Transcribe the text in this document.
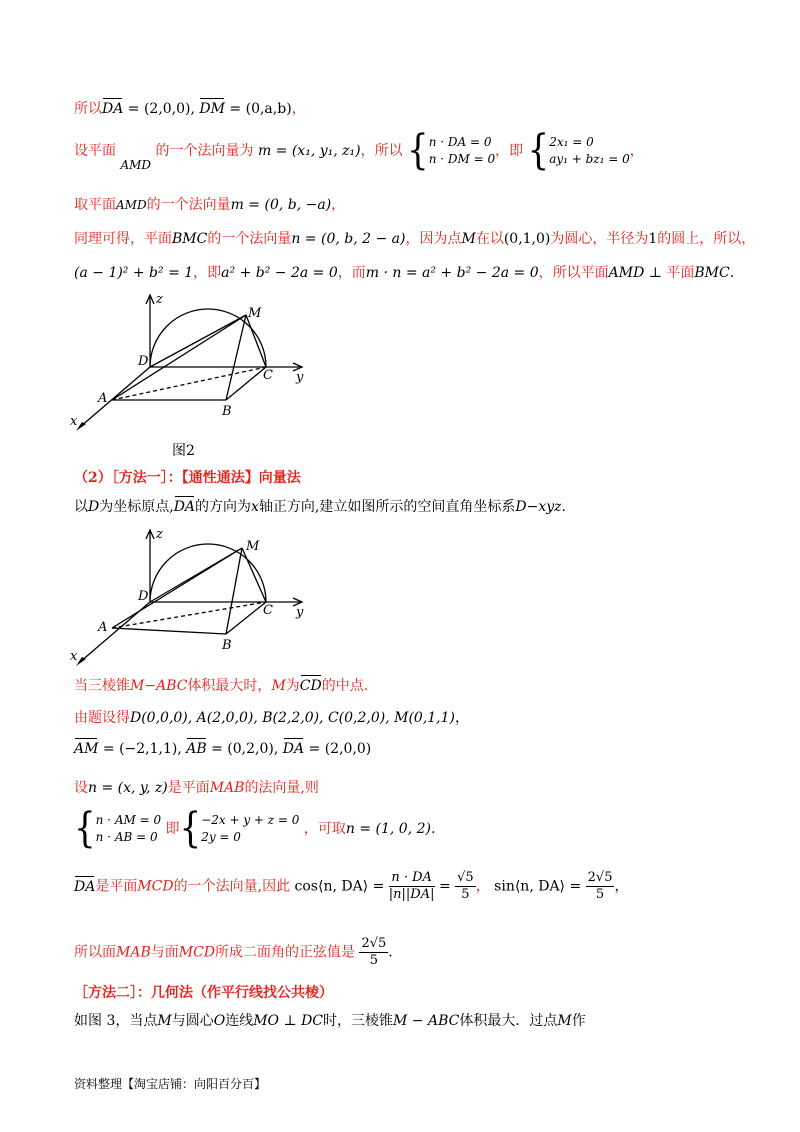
所以DA = (2,0,0), DM = (0,a,b)，
设平面 AMD 的一个法向量为 m = (x₁, y₁, z₁)，所以 {n · DA = 0
n · DM = 0，即 {2x₁ = 0
ay₁ + bz₁ = 0，
取平面AMD的一个法向量m = (0, b, −a)，
同理可得，平面BMC的一个法向量n = (0, b, 2 − a)，因为点M在以(0,1,0)为圆心，半径为1的圆上，所以，
(a − 1)² + b² = 1，即a² + b² − 2a = 0，而m · n = a² + b² − 2a = 0，所以平面AMD ⊥ 平面BMC.
z
M
D
C y
A
B
x
图2
（2）［方法一］：【通性通法】向量法
以D为坐标原点,DA的方向为x轴正方向,建立如图所示的空间直角坐标系D−xyz.
z
M
D
C y
A
B
x
当三棱锥M−ABC体积最大时，M为CD的中点.
由题设得D(0,0,0), A(2,0,0), B(2,2,0), C(0,2,0), M(0,1,1)，
AM = (−2,1,1), AB = (0,2,0), DA = (2,0,0)
设n = (x, y, z)是平面MAB的法向量,则
{n · AM = 0
n · AB = 0 即{−2x + y + z = 0
2y = 0	，可取n = (1, 0, 2).
DA是平面MCD的一个法向量,因此 cos⟨n, DA⟩ = $\frac{n \cdot DA}{|n||DA|} = \frac{√5}{5}$ ， sin⟨n, DA⟩ = $\frac{2√5}{5}$ ，
所以面MAB与面MCD所成二面角的正弦值是 $\frac{2√5}{5}$ .
［方法二］：几何法（作平行线找公共棱）
如图 3，当点M与圆心O连线MO ⊥ DC时，三棱锥M − ABC体积最大．过点M作
资料整理【淘宝店铺：向阳百分百】
